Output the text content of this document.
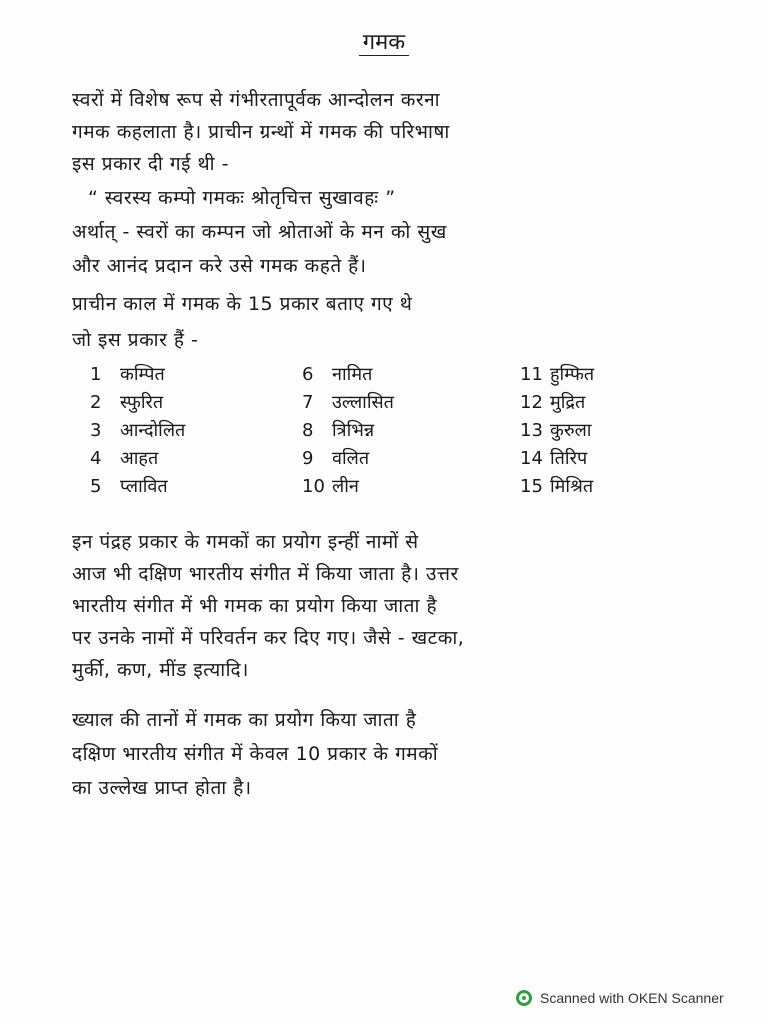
गमक
स्वरों में विशेष रूप से गंभीरतापूर्वक आन्दोलन करना
गमक कहलाता है। प्राचीन ग्रन्थों में गमक की परिभाषा
इस प्रकार दी गई थी -
“ स्वरस्य कम्पो गमकः श्रोतृचित्त सुखावहः ”
अर्थात् - स्वरों का कम्पन जो श्रोताओं के मन को सुख
और आनंद प्रदान करे उसे गमक कहते हैं।
प्राचीन काल में गमक के 15 प्रकार बताए गए थे
जो इस प्रकार हैं -
1 कम्पित
2 स्फुरित
3 आन्दोलित
4 आहत
5 प्लावित
6 नामित
7 उल्लासित
8 त्रिभिन्न
9 वलित
10 लीन
11 हुम्फित
12 मुद्रित
13 कुरुला
14 तिरिप
15 मिश्रित
इन पंद्रह प्रकार के गमकों का प्रयोग इन्हीं नामों से
आज भी दक्षिण भारतीय संगीत में किया जाता है। उत्तर
भारतीय संगीत में भी गमक का प्रयोग किया जाता है
पर उनके नामों में परिवर्तन कर दिए गए। जैसे - खटका,
मुर्की, कण, मींड इत्यादि।
ख्याल की तानों में गमक का प्रयोग किया जाता है
दक्षिण भारतीय संगीत में केवल 10 प्रकार के गमकों
का उल्लेख प्राप्त होता है।
Scanned with OKEN Scanner
